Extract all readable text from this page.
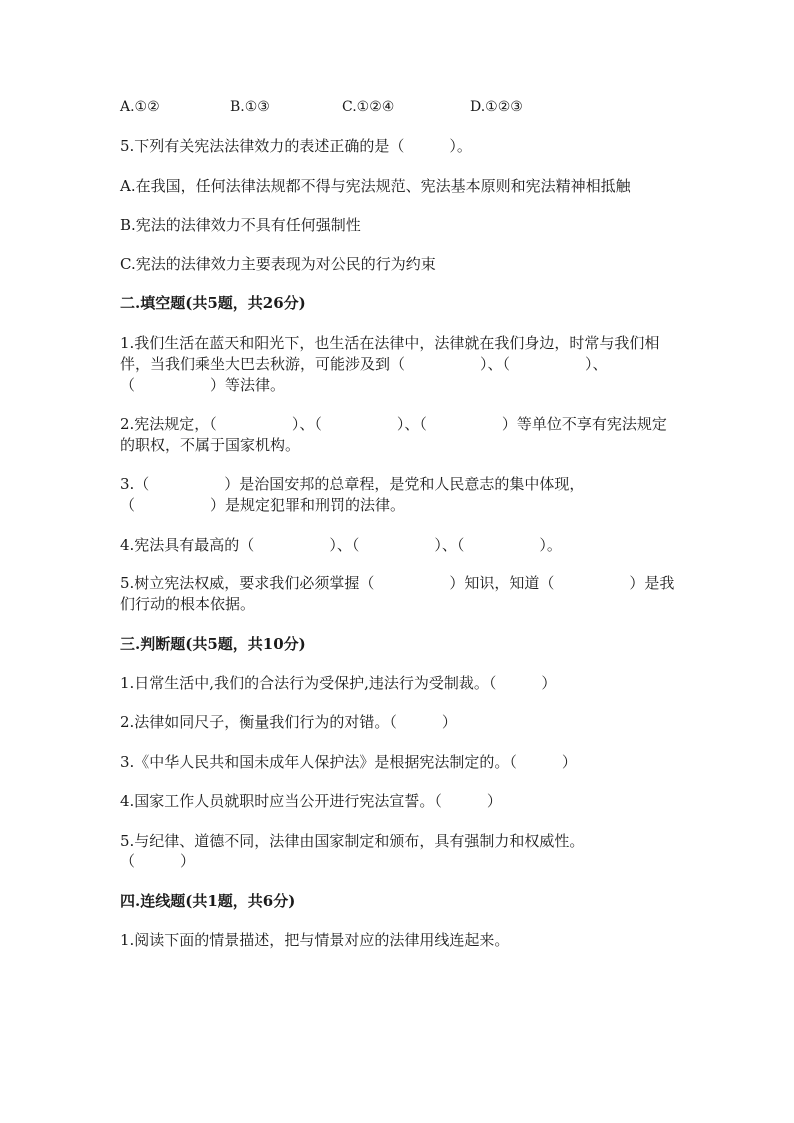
A.①②	B.①③	C.①②④	D.①②③
5.下列有关宪法法律效力的表述正确的是（　　　）。
A.在我国，任何法律法规都不得与宪法规范、宪法基本原则和宪法精神相抵触
B.宪法的法律效力不具有任何强制性
C.宪法的法律效力主要表现为对公民的行为约束
二.填空题(共5题，共26分)
1.我们生活在蓝天和阳光下，也生活在法律中，法律就在我们身边，时常与我们相伴，当我们乘坐大巴去秋游，可能涉及到（　　　　　）、（　　　　　）、（　　　　　）等法律。
2.宪法规定，（　　　　　）、（　　　　　）、（　　　　　）等单位不享有宪法规定的职权，不属于国家机构。
3.（　　　　　）是治国安邦的总章程，是党和人民意志的集中体现，
（　　　　　）是规定犯罪和刑罚的法律。
4.宪法具有最高的（　　　　　）、（　　　　　）、（　　　　　）。
5.树立宪法权威，要求我们必须掌握（　　　　　）知识，知道（　　　　　）是我们行动的根本依据。
三.判断题(共5题，共10分)
1.日常生活中,我们的合法行为受保护,违法行为受制裁。（　　　）
2.法律如同尺子，衡量我们行为的对错。（　　　）
3.《中华人民共和国未成年人保护法》是根据宪法制定的。（　　　）
4.国家工作人员就职时应当公开进行宪法宣誓。（　　　）
5.与纪律、道德不同，法律由国家制定和颁布，具有强制力和权威性。
（　　　）
四.连线题(共1题，共6分)
1.阅读下面的情景描述，把与情景对应的法律用线连起来。
